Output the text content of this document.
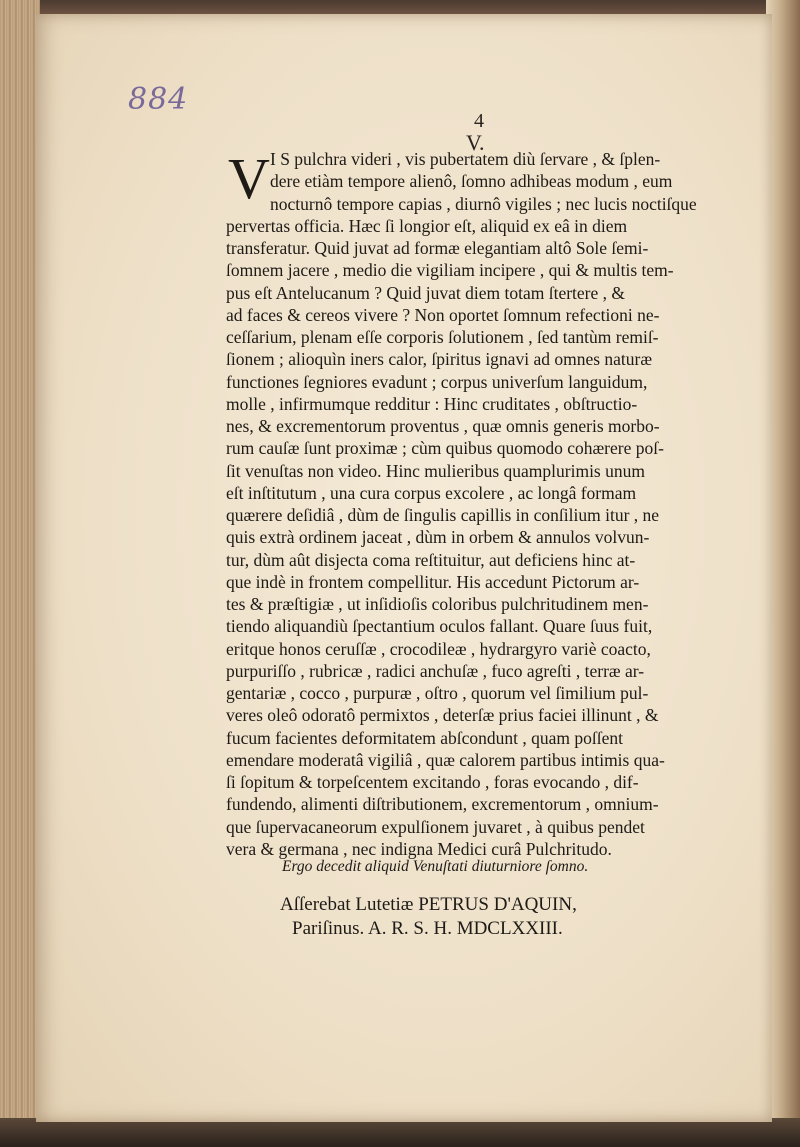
884
4
V.
V I S pulchra videri , vis pubertatem diù ſervare , & ſplen-
dere etiàm tempore alienô, ſomno adhibeas modum , eum
nocturnô tempore capias , diurnô vigiles ; nec lucis noctiſque
pervertas officia. Hæc ſi longior eſt, aliquid ex eâ in diem
transferatur. Quid juvat ad formæ elegantiam altô Sole ſemi-
ſomnem jacere , medio die vigiliam incipere , qui & multis tem-
pus eſt Antelucanum ? Quid juvat diem totam ſtertere , &
ad faces & cereos vivere ? Non oportet ſomnum refectioni ne-
ceſſarium, plenam eſſe corporis ſolutionem , ſed tantùm remiſ-
ſionem ; alioquìn iners calor, ſpiritus ignavi ad omnes naturæ
functiones ſegniores evadunt ; corpus univerſum languidum,
molle , infirmumque redditur : Hinc cruditates , obſtructio-
nes, & excrementorum proventus , quæ omnis generis morbo-
rum cauſæ ſunt proximæ ; cùm quibus quomodo cohærere poſ-
ſit venuſtas non video. Hinc mulieribus quamplurimis unum
eſt inſtitutum , una cura corpus excolere , ac longâ formam
quærere deſidiâ , dùm de ſingulis capillis in conſilium itur , ne
quis extrà ordinem jaceat , dùm in orbem & annulos volvun-
tur, dùm aût disjecta coma reſtituitur, aut deficiens hinc at-
que indè in frontem compellitur. His accedunt Pictorum ar-
tes & præſtigiæ , ut inſidioſis coloribus pulchritudinem men-
tiendo aliquandiù ſpectantium oculos fallant. Quare ſuus fuit,
eritque honos ceruſſæ , crocodileæ , hydrargyro variè coacto,
purpuriſſo , rubricæ , radici anchuſæ , fuco agreſti , terræ ar-
gentariæ , cocco , purpuræ , oſtro , quorum vel ſimilium pul-
veres oleô odoratô permixtos , deterſæ prius faciei illinunt , &
fucum facientes deformitatem abſcondunt , quam poſſent
emendare moderatâ vigiliâ , quæ calorem partibus intimis qua-
ſi ſopitum & torpeſcentem excitando , foras evocando , dif-
fundendo, alimenti diſtributionem, excrementorum , omnium-
que ſupervacaneorum expulſionem juvaret , à quibus pendet
vera & germana , nec indigna Medici curâ Pulchritudo.
Ergo decedit aliquid Venuſtati diuturniore ſomno.
Aſſerebat Lutetiæ PETRUS D'AQUIN,
Pariſinus. A. R. S. H. MDCLXXIII.
